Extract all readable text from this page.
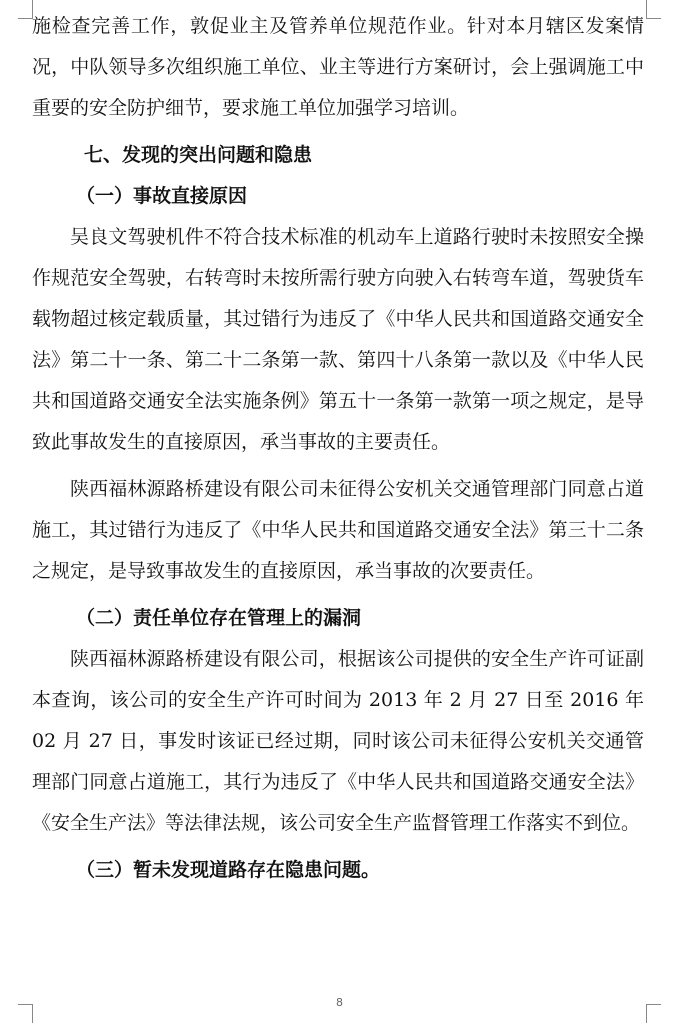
施检查完善工作，敦促业主及管养单位规范作业。针对本月辖区发案情况，中队领导多次组织施工单位、业主等进行方案研讨，会上强调施工中重要的安全防护细节，要求施工单位加强学习培训。

七、发现的突出问题和隐患

（一）事故直接原因

吴良文驾驶机件不符合技术标准的机动车上道路行驶时未按照安全操作规范安全驾驶，右转弯时未按所需行驶方向驶入右转弯车道，驾驶货车载物超过核定载质量，其过错行为违反了《中华人民共和国道路交通安全法》第二十一条、第二十二条第一款、第四十八条第一款以及《中华人民共和国道路交通安全法实施条例》第五十一条第一款第一项之规定，是导致此事故发生的直接原因，承当事故的主要责任。

陕西福林源路桥建设有限公司未征得公安机关交通管理部门同意占道施工，其过错行为违反了《中华人民共和国道路交通安全法》第三十二条之规定，是导致事故发生的直接原因，承当事故的次要责任。

（二）责任单位存在管理上的漏洞

陕西福林源路桥建设有限公司，根据该公司提供的安全生产许可证副本查询，该公司的安全生产许可时间为 2013 年 2 月 27 日至 2016 年 02 月 27 日，事发时该证已经过期，同时该公司未征得公安机关交通管理部门同意占道施工，其行为违反了《中华人民共和国道路交通安全法》《安全生产法》等法律法规，该公司安全生产监督管理工作落实不到位。

（三）暂未发现道路存在隐患问题。

8
